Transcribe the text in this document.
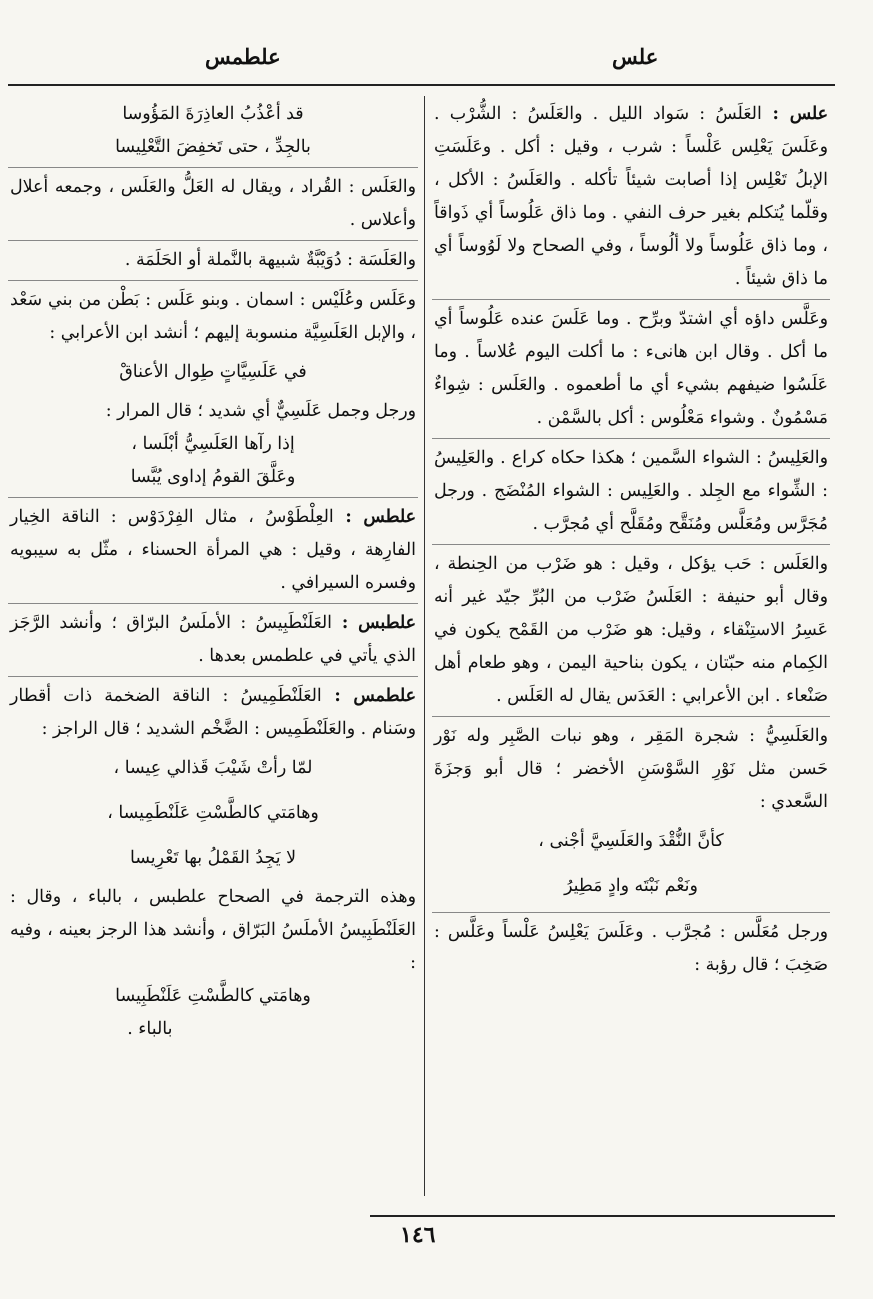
علس
علطمس

علس : العَلَسُ : سَواد الليل . والعَلَسُ : الشُّرْب . وعَلَسَ يَعْلِس عَلْساً : شرب ، وقيل : أكل . وعَلَسَتِ الإبلُ تَعْلِس إذا أصابت شيئاً تأكله . والعَلَسُ : الأكل ، وقلّما يُتكلم بغير حرف النفي . وما ذاق عَلُوساً أي ذَواقاً ، وما ذاق عَلُوساً ولا ألُوساً ، وفي الصحاح ولا لَوُوساً أي ما ذاق شيئاً .

وعَلَّس داؤه أي اشتدّ وبرِّح . وما عَلَسَ عنده عَلُوساً أي ما أكل . وقال ابن هانىء : ما أكلت اليوم عُلاساً . وما عَلَسُوا ضيفهم بشيء أي ما أطعموه . والعَلَس : شِواءٌ مَسْمُونٌ . وشواء مَعْلُوس : أكل بالسَّمْن .

والعَلِيسُ : الشواء السَّمين ؛ هكذا حكاه كراع . والعَلِيسُ : الشِّواء مع الجِلد . والعَلِيس : الشواء المُنْضَج . ورجل مُجَرَّس ومُعَلَّس ومُنَقَّح ومُقَلَّح أي مُجرَّب .

والعَلَس : حَب يؤكل ، وقيل : هو ضَرْب من الحِنطة ، وقال أبو حنيفة : العَلَسُ ضَرْب من البُرِّ جيّد غير أنه عَسِرُ الاستِنْقاء ، وقيل: هو ضَرْب من القَمْح يكون في الكِمام منه حبّتان ، يكون بناحية اليمن ، وهو طعام أهل صَنْعاء . ابن الأعرابي : العَدَس يقال له العَلَس .

والعَلَسِيُّ : شجرة المَقِر ، وهو نبات الصَّبِر وله نَوْر حَسن مثل نَوْرِ السَّوْسَنِ الأخضر ؛ قال أبو وَجزَةَ السَّعدي :

كأنَّ النُّقْدَ والعَلَسِيَّ أجْنى ،

ونَعْم نَبْتَه وادٍ مَطِيرُ

ورجل مُعَلَّس : مُجرَّب . وعَلَسَ يَعْلِسُ عَلْساً وعَلَّس : صَخِبَ ؛ قال رؤبة :

قد أعْذُبُ العاذِرَةَ المَؤُوسا

بالجِدِّ ، حتى تَخفِضَ التَّعْلِيسا

والعَلَس : القُراد ، ويقال له العَلُّ والعَلَس ، وجمعه أعلال وأعلاس .

والعَلَسَة : دُوَيْبَّةٌ شبيهة بالنَّملة أو الحَلَمَة .

وعَلَس وعُلَيْس : اسمان . وبنو عَلَس : بَطْن من بني سَعْد ، والإبل العَلَسِيَّة منسوبة إليهم ؛ أنشد ابن الأعرابي :

في عَلَسِيَّاتٍ طِوال الأعناقْ

ورجل وجمل عَلَسِيٌّ أي شديد ؛ قال المرار :

إذا رآها العَلَسِيُّ أبْلَسا ،

وعَلَّقَ القومُ إداوى يُبَّسا

علطس : العِلْطَوْسُ ، مثال الفِرْدَوْس : الناقة الخِيار الفارِهة ، وقيل : هي المرأة الحسناء ، مثّل به سيبويه وفسره السيرافي .

علطبس : العَلَنْطَبِيسُ : الأملَسُ البرّاق ؛ وأنشد الرَّجَز الذي يأتي في علطمس بعدها .

علطمس : العَلَنْطَمِيسُ : الناقة الضخمة ذات أقطار وسَنام . والعَلَنْطَمِيس : الضَّخْم الشديد ؛ قال الراجز :

لمّا رأتْ شَيْبَ قَذالي عِيسا ،

وهامَتي كالطَّسْتِ عَلَنْطَمِيسا ،

لا يَجِدُ القَمْلُ بها تَعْرِيسا

وهذه الترجمة في الصحاح علطبس ، بالباء ، وقال : العَلَنْطَبِيسُ الأملَسُ البَرّاق ، وأنشد هذا الرجز بعينه ، وفيه :

وهامَتي كالطَّسْتِ عَلَنْطَبِيسا

بالباء .

١٤٦
